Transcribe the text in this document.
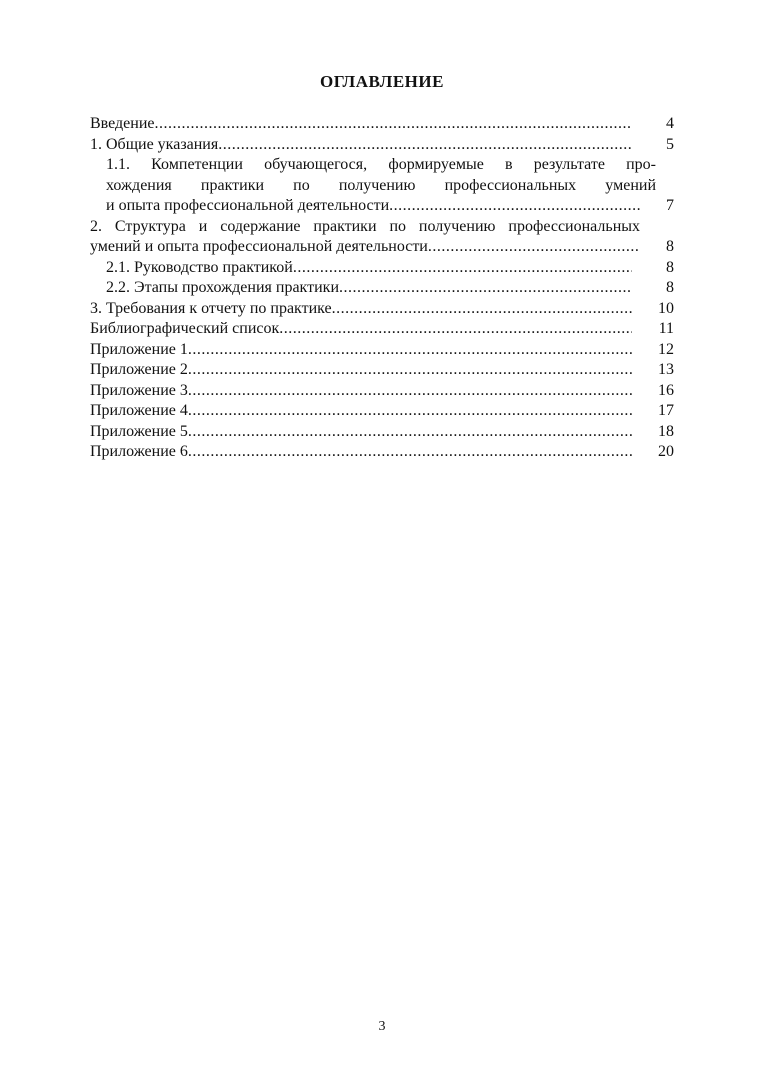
ОГЛАВЛЕНИЕ
Введение .....	4
1. Общие указания .....	5
1.1. Компетенции обучающегося, формируемые в результате про-
хождения практики по получению профессиональных умений
и опыта профессиональной деятельности .....	7
2. Структура и содержание практики по получению профессиональных
умений и опыта профессиональной деятельности .....	8
2.1. Руководство практикой .....	8
2.2. Этапы прохождения практики .....	8
3. Требования к отчету по практике .....	10
Библиографический список .....	11
Приложение 1 .....	12
Приложение 2 .....	13
Приложение 3 .....	16
Приложение 4 .....	17
Приложение 5 .....	18
Приложение 6 .....	20
3
